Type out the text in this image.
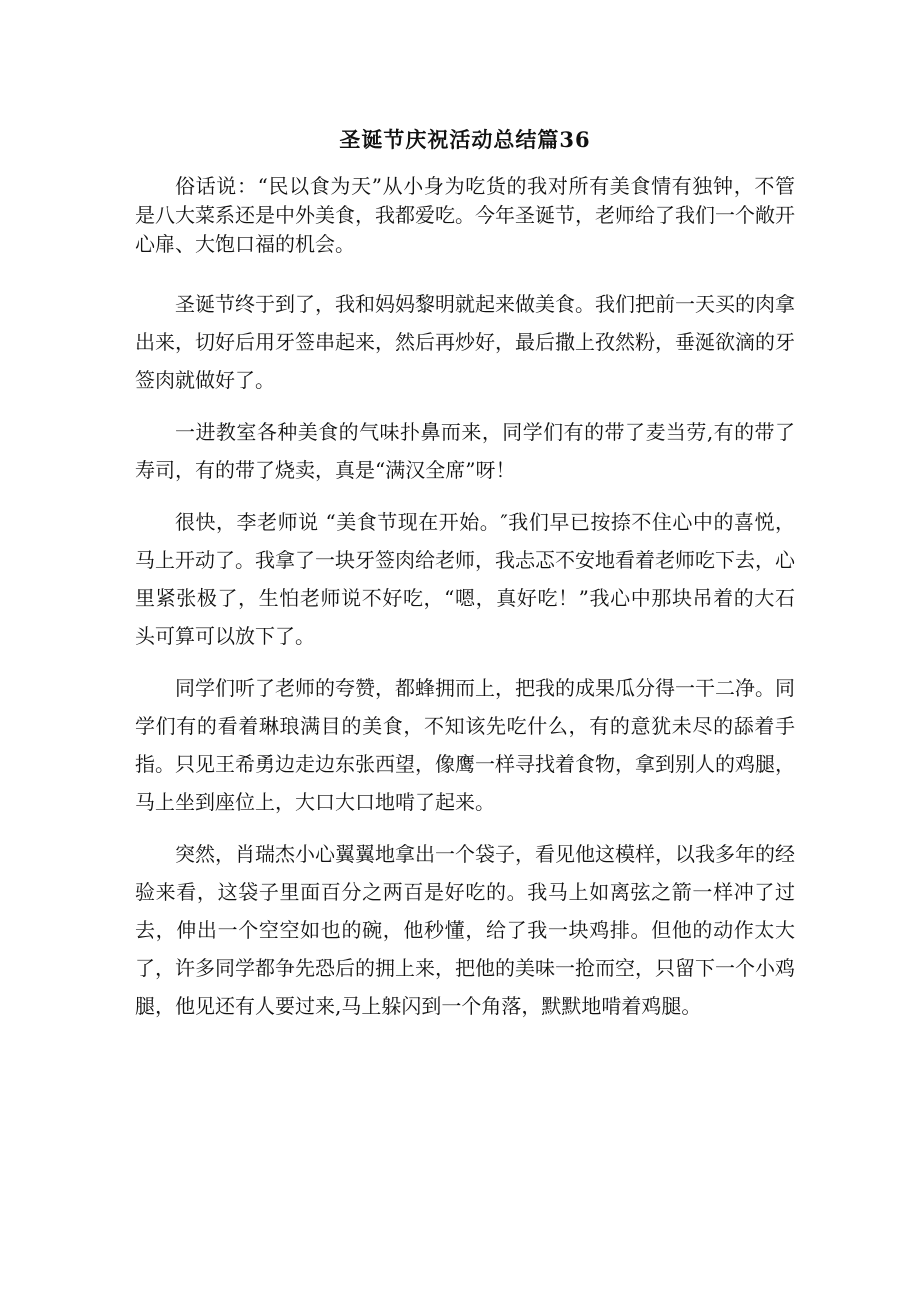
圣诞节庆祝活动总结篇36

俗话说：“民以食为天”从小身为吃货的我对所有美食情有独钟，不管是八大菜系还是中外美食，我都爱吃。今年圣诞节，老师给了我们一个敞开心扉、大饱口福的机会。

圣诞节终于到了，我和妈妈黎明就起来做美食。我们把前一天买的肉拿出来，切好后用牙签串起来，然后再炒好，最后撒上孜然粉，垂涎欲滴的牙签肉就做好了。

一进教室各种美食的气味扑鼻而来，同学们有的带了麦当劳,有的带了寿司，有的带了烧卖，真是“满汉全席”呀！

很快，李老师说 “美食节现在开始。″我们早已按捺不住心中的喜悦，马上开动了。我拿了一块牙签肉给老师，我忐忑不安地看着老师吃下去，心里紧张极了，生怕老师说不好吃，“嗯，真好吃！”我心中那块吊着的大石头可算可以放下了。

同学们听了老师的夸赞，都蜂拥而上，把我的成果瓜分得一干二净。同学们有的看着琳琅满目的美食，不知该先吃什么，有的意犹未尽的舔着手指。只见王希勇边走边东张西望，像鹰一样寻找着食物，拿到别人的鸡腿，马上坐到座位上，大口大口地啃了起来。

突然，肖瑞杰小心翼翼地拿出一个袋子，看见他这模样，以我多年的经验来看，这袋子里面百分之两百是好吃的。我马上如离弦之箭一样冲了过去，伸出一个空空如也的碗，他秒懂，给了我一块鸡排。但他的动作太大了，许多同学都争先恐后的拥上来，把他的美味一抢而空，只留下一个小鸡腿，他见还有人要过来,马上躲闪到一个角落，默默地啃着鸡腿。
